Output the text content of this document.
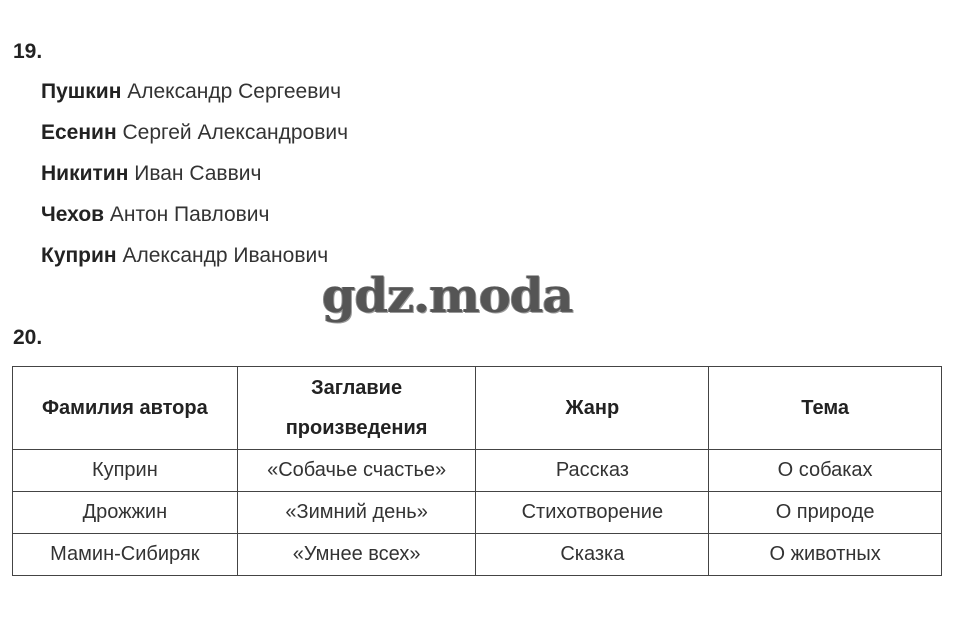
19.
Пушкин Александр Сергеевич
Есенин Сергей Александрович
Никитин Иван Саввич
Чехов Антон Павлович
Куприн Александр Иванович
gdz.moda
20.
Фамилия автора	Заглавие произведения	Жанр	Тема
Куприн	«Собачье счастье»	Рассказ	О собаках
Дрожжин	«Зимний день»	Стихотворение	О природе
Мамин-Сибиряк	«Умнее всех»	Сказка	О животных
